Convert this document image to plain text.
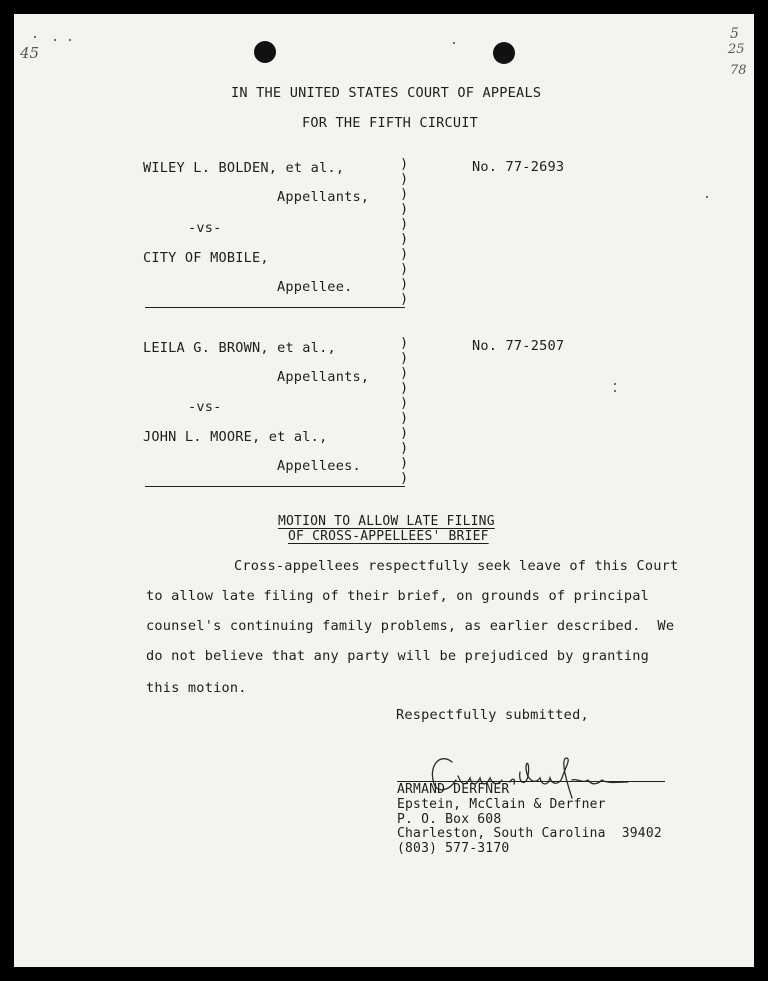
45
5
25
78
IN THE UNITED STATES COURT OF APPEALS
FOR THE FIFTH CIRCUIT
WILEY L. BOLDEN, et al.,
Appellants,
-vs-
CITY OF MOBILE,
Appellee.
No. 77-2693
)
)
)
)
)
)
)
)
)
)
LEILA G. BROWN, et al.,
Appellants,
-vs-
JOHN L. MOORE, et al.,
Appellees.
No. 77-2507
)
)
)
)
)
)
)
)
)
)
MOTION TO ALLOW LATE FILING
OF CROSS-APPELLEES' BRIEF
Cross-appellees respectfully seek leave of this Court
to allow late filing of their brief, on grounds of principal
counsel's continuing family problems, as earlier described.  We
do not believe that any party will be prejudiced by granting
this motion.
Respectfully submitted,
ARMAND DERFNER
Epstein, McClain & Derfner
P. O. Box 608
Charleston, South Carolina  39402
(803) 577-3170
